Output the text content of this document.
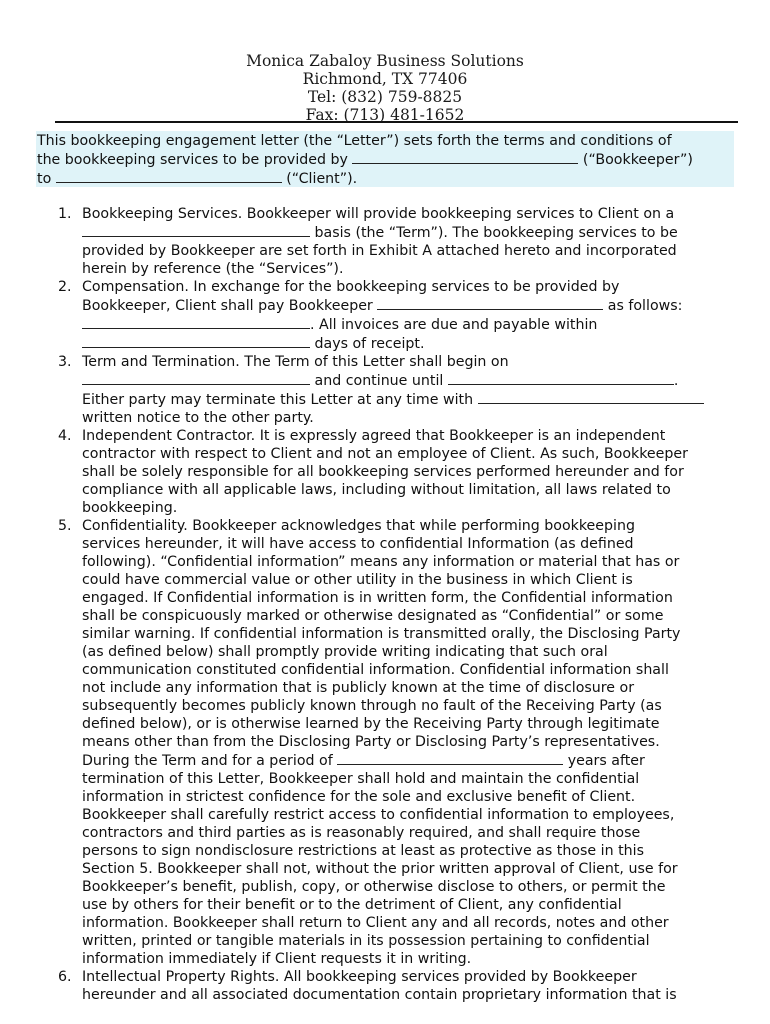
Monica Zabaloy Business Solutions
Richmond, TX 77406
Tel: (832) 759-8825
Fax: (713) 481-1652
This bookkeeping engagement letter (the “Letter”) sets forth the terms and conditions of
the bookkeeping services to be provided by	(“Bookkeeper”)
to	(“Client”).
1. Bookkeeping Services. Bookkeeper will provide bookkeeping services to Client on a
basis (the “Term”). The bookkeeping services to be
provided by Bookkeeper are set forth in Exhibit A attached hereto and incorporated
herein by reference (the “Services”).
2. Compensation. In exchange for the bookkeeping services to be provided by
Bookkeeper, Client shall pay Bookkeeper	as follows:
. All invoices are due and payable within
days of receipt.
3. Term and Termination. The Term of this Letter shall begin on
and continue until	.
Either party may terminate this Letter at any time with
written notice to the other party.
4. Independent Contractor. It is expressly agreed that Bookkeeper is an independent
contractor with respect to Client and not an employee of Client. As such, Bookkeeper
shall be solely responsible for all bookkeeping services performed hereunder and for
compliance with all applicable laws, including without limitation, all laws related to
bookkeeping.
5. Confidentiality. Bookkeeper acknowledges that while performing bookkeeping
services hereunder, it will have access to confidential Information (as defined
following). “Confidential information” means any information or material that has or
could have commercial value or other utility in the business in which Client is
engaged. If Confidential information is in written form, the Confidential information
shall be conspicuously marked or otherwise designated as “Confidential” or some
similar warning. If confidential information is transmitted orally, the Disclosing Party
(as defined below) shall promptly provide writing indicating that such oral
communication constituted confidential information. Confidential information shall
not include any information that is publicly known at the time of disclosure or
subsequently becomes publicly known through no fault of the Receiving Party (as
defined below), or is otherwise learned by the Receiving Party through legitimate
means other than from the Disclosing Party or Disclosing Party’s representatives.
During the Term and for a period of	years after
termination of this Letter, Bookkeeper shall hold and maintain the confidential
information in strictest confidence for the sole and exclusive benefit of Client.
Bookkeeper shall carefully restrict access to confidential information to employees,
contractors and third parties as is reasonably required, and shall require those
persons to sign nondisclosure restrictions at least as protective as those in this
Section 5. Bookkeeper shall not, without the prior written approval of Client, use for
Bookkeeper’s benefit, publish, copy, or otherwise disclose to others, or permit the
use by others for their benefit or to the detriment of Client, any confidential
information. Bookkeeper shall return to Client any and all records, notes and other
written, printed or tangible materials in its possession pertaining to confidential
information immediately if Client requests it in writing.
6. Intellectual Property Rights. All bookkeeping services provided by Bookkeeper
hereunder and all associated documentation contain proprietary information that is
